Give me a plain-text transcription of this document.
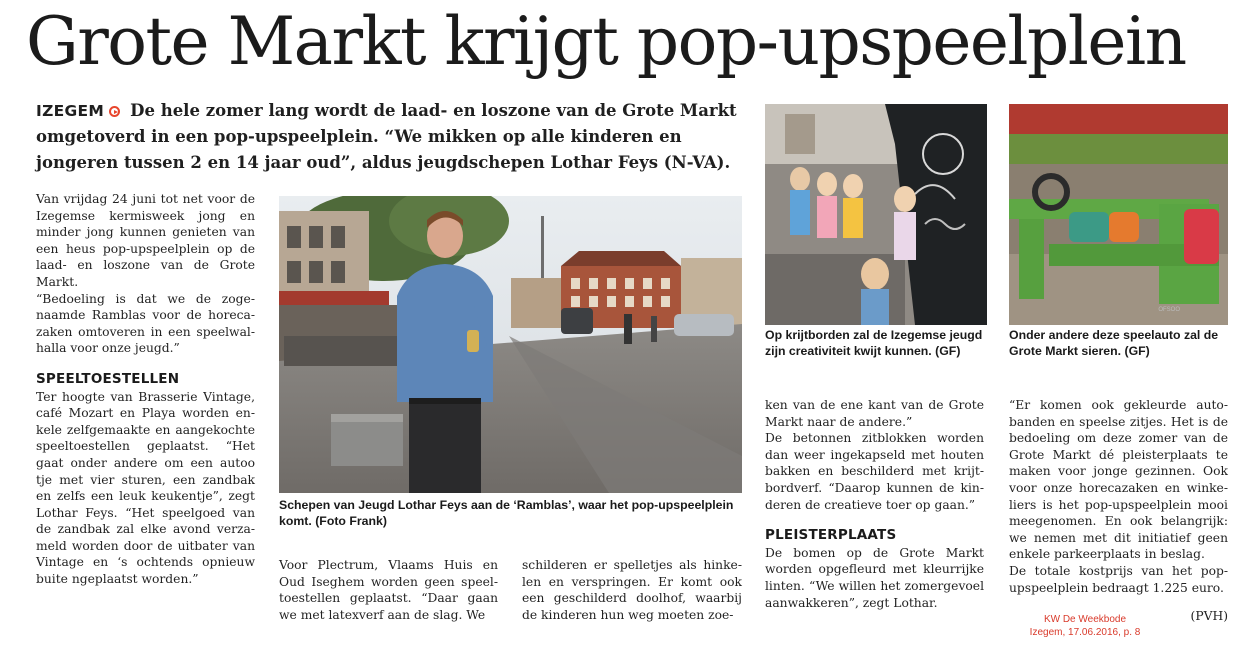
Grote Markt krijgt pop-upspeelplein
IZEGEM De hele zomer lang wordt de laad- en loszone van de Grote Markt omgetoverd in een pop-upspeelplein. “We mikken op alle kinderen en jongeren tussen 2 en 14 jaar oud”, aldus jeugdschepen Lothar Feys (N-VA).

Van vrijdag 24 juni tot net voor de Izegemse kermisweek jong en minder jong kunnen genieten van een heus pop-upspeelplein op de laad- en loszone van de Grote Markt.

“Bedoeling is dat we de zogenaamde Ramblas voor de horecazaken omtoveren in een speelwalhalla voor onze jeugd.”

SPEELTOESTELLEN

Ter hoogte van Brasserie Vintage, café Mozart en Playa worden enkele zelfgemaakte en aangekochte speeltoestellen geplaatst. “Het gaat onder andere om een autoo tje met vier sturen, een zandbak en zelfs een leuk keukentje”, zegt Lothar Feys. “Het speelgoed van de zandbak zal elke avond verzameld worden door de uitbater van Vintage en ‘s ochtends opnieuw buite ngeplaatst worden.”

Schepen van Jeugd Lothar Feys aan de ‘Ramblas’, waar het pop-upspeelplein komt. (Foto Frank)

Voor Plectrum, Vlaams Huis en Oud Iseghem worden geen speeltoestellen geplaatst. “Daar gaan we met latexverf aan de slag. We

schilderen er spelletjes als hinkelen en verspringen. Er komt ook een geschilderd doolhof, waarbij de kinderen hun weg moeten zoe-

Op krijtborden zal de Izegemse jeugd zijn creativiteit kwijt kunnen. (GF)
OFSOO
Onder andere deze speelauto zal de Grote Markt sieren. (GF)

ken van de ene kant van de Grote Markt naar de andere.”

De betonnen zitblokken worden dan weer ingekapseld met houten bakken en beschilderd met krijtbordverf. “Daarop kunnen de kinderen de creatieve toer op gaan.”

PLEISTERPLAATS

De bomen op de Grote Markt worden opgefleurd met kleurrijke linten. “We willen het zomergevoel aanwakkeren”, zegt Lothar.

“Er komen ook gekleurde autobanden en speelse zitjes. Het is de bedoeling om deze zomer van de Grote Markt dé pleisterplaats te maken voor jonge gezinnen. Ook voor onze horecazaken en winkeliers is het pop-upspeelplein mooi meegenomen. En ook belangrijk: we nemen met dit initiatief geen enkele parkeerplaats in beslag.

De totale kostprijs van het popupspeelplein bedraagt 1.225 euro.

(PVH)
KW De Weekbode
Izegem, 17.06.2016, p. 8
